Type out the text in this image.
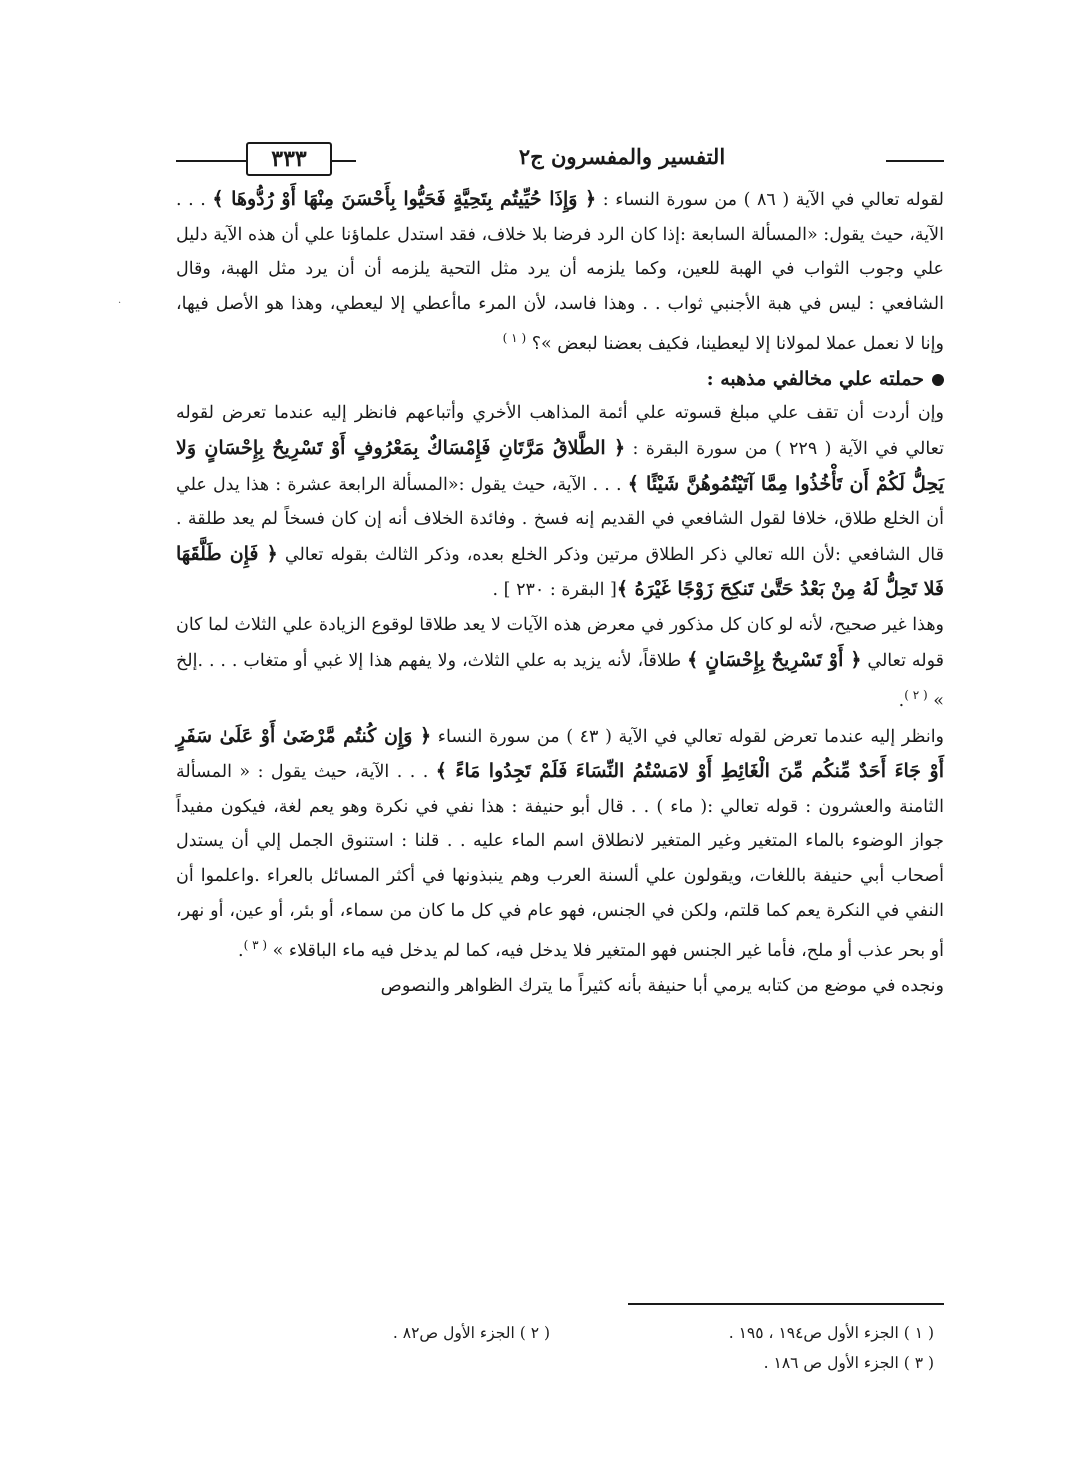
·
٣٣٣	التفسير والمفسرون ج٢

لقوله تعالي في الآية ( ٨٦ ) من سورة النساء : ﴿ وَإِذَا حُيِّيتُم بِتَحِيَّةٍ فَحَيُّوا بِأَحْسَنَ مِنْهَا أَوْ رُدُّوهَا ﴾ . . . الآية، حيث يقول: «المسألة السابعة :إذا كان الرد فرضا بلا خلاف، فقد استدل علماؤنا علي أن هذه الآية دليل علي وجوب الثواب في الهبة للعين، وكما يلزمه أن يرد مثل التحية يلزمه أن أن يرد مثل الهبة، وقال الشافعي : ليس في هبة الأجنبي ثواب . . وهذا فاسد، لأن المرء ماأعطي إلا ليعطي، وهذا هو الأصل فيها، وإنا لا نعمل عملا لمولانا إلا ليعطينا، فكيف بعضنا لبعض »؟ $^{( ١ )}$

حملته علي مخالفي مذهبه :

وإن أردت أن تقف علي مبلغ قسوته علي أئمة المذاهب الأخري وأتباعهم فانظر إليه عندما تعرض لقوله تعالي في الآية ( ٢٢٩ ) من سورة البقرة : ﴿ الطَّلاقُ مَرَّتَانِ فَإِمْسَاكٌ بِمَعْرُوفٍ أَوْ تَسْرِيحٌ بِإِحْسَانٍ وَلا يَحِلُّ لَكُمْ أَن تَأْخُذُوا مِمَّا آتَيْتُمُوهُنَّ شَيْئًا ﴾ . . . الآية، حيث يقول :«المسألة الرابعة عشرة : هذا يدل علي أن الخلع طلاق، خلافا لقول الشافعي في القديم إنه فسخ . وفائدة الخلاف أنه إن كان فسخاً لم يعد طلقة . قال الشافعي :لأن الله تعالي ذكر الطلاق مرتين وذكر الخلع بعده، وذكر الثالث بقوله تعالي ﴿ فَإِن طَلَّقَهَا فَلا تَحِلُّ لَهُ مِنْ بَعْدُ حَتَّىٰ تَنكِحَ زَوْجًا غَيْرَهُ ﴾[ البقرة : ٢٣٠ ] .

وهذا غير صحيح، لأنه لو كان كل مذكور في معرض هذه الآيات لا يعد طلاقا لوقوع الزيادة علي الثلاث لما كان قوله تعالي ﴿ أَوْ تَسْرِيحٌ بِإِحْسَانٍ ﴾ طلاقاً، لأنه يزيد به علي الثلاث، ولا يفهم هذا إلا غبي أو متغاب . . . .إلخ » $^{( ٢ )}$.

وانظر إليه عندما تعرض لقوله تعالي في الآية ( ٤٣ ) من سورة النساء ﴿ وَإِن كُنتُم مَّرْضَىٰ أَوْ عَلَىٰ سَفَرٍ أَوْ جَاءَ أَحَدٌ مِّنكُم مِّنَ الْغَائِطِ أَوْ لامَسْتُمُ النِّسَاءَ فَلَمْ تَجِدُوا مَاءً ﴾ . . . الآية، حيث يقول : « المسألة الثامنة والعشرون : قوله تعالي :( ماء ) . . قال أبو حنيفة : هذا نفي في نكرة وهو يعم لغة، فيكون مفيداً جواز الوضوء بالماء المتغير وغير المتغير لانطلاق اسم الماء عليه . . قلنا : استنوق الجمل إلي أن يستدل أصحاب أبي حنيفة باللغات، ويقولون علي ألسنة العرب وهم ينبذونها في أكثر المسائل بالعراء .واعلموا أن النفي في النكرة يعم كما قلتم، ولكن في الجنس، فهو عام في كل ما كان من سماء، أو بئر، أو عين، أو نهر، أو بحر عذب أو ملح، فأما غير الجنس فهو المتغير فلا يدخل فيه، كما لم يدخل فيه ماء الباقلاء » $^{( ٣ )}$.

ونجده في موضع من كتابه يرمي أبا حنيفة بأنه كثيراً ما يترك الظواهر والنصوص

( ١ ) الجزء الأول ص١٩٤ ، ١٩٥ .
( ٢ ) الجزء الأول ص٨٢ .
( ٣ ) الجزء الأول ص ١٨٦ .
